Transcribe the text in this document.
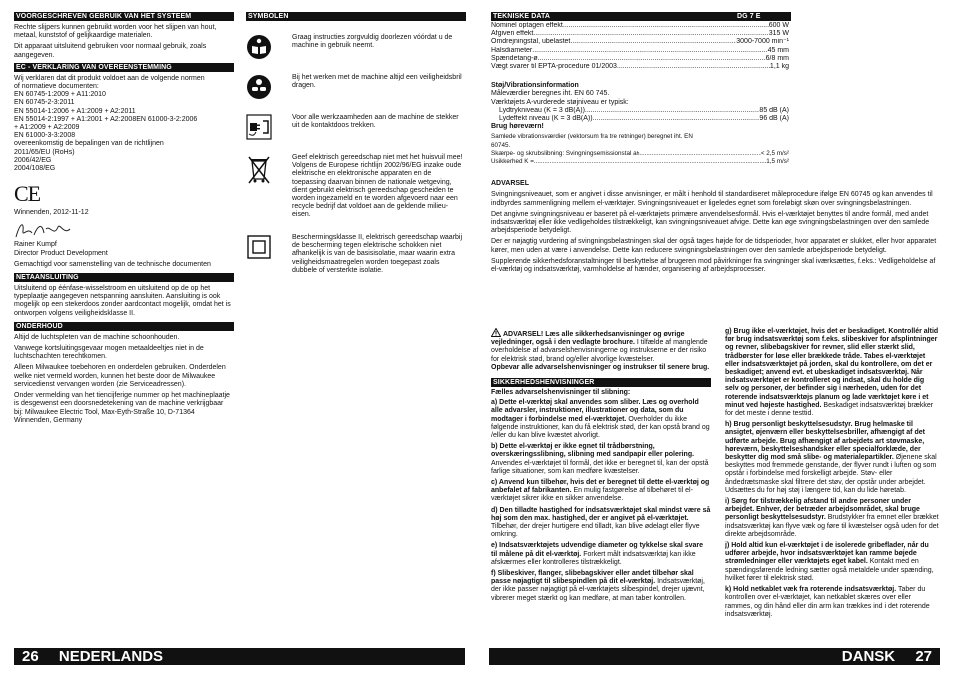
VOORGESCHREVEN GEBRUIK VAN HET SYSTEEM

Rechte slijpers kunnen gebruikt worden voor het slijpen van hout, metaal, kunststof of gelijkaardige materialen.

Dit apparaat uitsluitend gebruiken voor normaal gebruik, zoals aangegeven.

EC - VERKLARING VAN OVEREENSTEMMING
Wij verklaren dat dit produkt voldoet aan de volgende normen
of normatieve documenten:
EN 60745-1:2009 + A11:2010
EN 60745-2-3:2011
EN 55014-1:2006 + A1:2009 + A2:2011
EN 55014-2:1997 + A1:2001 + A2:2008EN 61000-3-2:2006
+ A1:2009 + A2:2009
EN 61000-3-3:2008
overeenkomstig de bepalingen van de richtlijnen
2011/65/EU (RoHs)
2006/42/EG
2004/108/EG
CE
Winnenden, 2012-11-12
Rainer Kumpf
Director Product Development

Gemachtigd voor samenstelling van de technische documenten

NETAANSLUITING

Uitsluitend op éénfase-wisselstroom en uitsluitend op de op het typeplaatje aangegeven netspanning aansluiten. Aansluiting is ook mogelijk op een stekerdoos zonder aardcontact mogelijk, omdat het is ontworpen volgens veiligheidsklasse II.

ONDERHOUD

Altijd de luchtspleten van de machine schoonhouden.

Vanwege kortsluitingsgevaar mogen metaaldeeltjes niet in de luchtschachten terechtkomen.

Alleen Milwaukee toebehoren en onderdelen gebruiken. Onderdelen welke niet vermeld worden, kunnen het beste door de Milwaukee servicedienst vervangen worden (zie Serviceadressen).

Onder vermelding van het tiencijferige nummer op het machineplaatje is desgewenst een doorsnedetekening van de machine verkrijgbaar bij: Milwaukee Electric Tool, Max-Eyth-Straße 10, D-71364 Winnenden, Germany

SYMBOLEN
Graag instructies zorgvuldig doorlezen vóórdat u de machine in gebruik neemt.
Bij het werken met de machine altijd een veiligheidsbril dragen.
Voor alle werkzaamheden aan de machine de stekker uit de kontaktdoos trekken.
Geef elektrisch gereedschap niet met het huisvuil mee! Volgens de Europese richtlijn 2002/96/EG inzake oude elektrische en elektronische apparaten en de toepassing daarvan binnen de nationale wetgeving, dient gebruikt elektrisch gereedschap gescheiden te worden ingezameld en te worden afgevoerd naar een recycle bedrijf dat voldoet aan de geldende milieu-eisen.
Beschermingsklasse II, elektrisch gereedschap waarbij de bescherming tegen elektrische schokken niet afhankelijk is van de basisisolatie, maar waarin extra veiligheidsmaatregelen worden toegepast zoals dubbele of versterkte isolatie.
26 NEDERLANDS
TEKNISKE DATA	DG 7 E
Nominel optagen effekt .....	600 W
Afgiven effekt .....	315 W
Omdrejningstal, ubelastet .....	3000-7000 min⁻¹
Halsdiameter .....	45 mm
Spændetang-ø .....	6/8 mm
Vægt svarer til EPTA-procedure 01/2003 .....	1,1 kg
Støj/Vibrationsinformation
Måleværdier beregnes iht. EN 60 745.
Værktøjets A-vurderede støjniveau er typisk:
Lydtrykniveau (K = 3 dB(A)) .....	85 dB (A)
Lydeffekt niveau (K = 3 dB(A)) .....	96 dB (A)
Brug høreværn!
Samlede vibrationsværdier (vektorsum fra tre retninger) beregnet iht. EN 60745.
Skærpe- og skrubslibning: Svingningsemissionstal a h .....	< 2,5 m/s²
Usikkerhed K = .....	1,5 m/s²
ADVARSEL

Svingningsniveauet, som er angivet i disse anvisninger, er målt i henhold til standardiseret måleprocedure ifølge EN 60745 og kan anvendes til indbyrdes sammenligning mellem el-værktøjer. Svingningsniveauet er ligeledes egnet som foreløbigt skøn over svingningsbelastningen.

Det angivne svingningsniveau er baseret på el-værktøjets primære anvendelsesformål. Hvis el-værktøjet benyttes til andre formål, med andet indsatsværktøj eller ikke vedligeholdes tilstrækkeligt, kan svingningsniveauet afvige. Dette kan øge svingningsbelastningen over den samlede arbejdsperiode betydeligt.

Der er nøjagtig vurdering af svingningsbelastningen skal der også tages højde for de tidsperioder, hvor apparatet er slukket, eller hvor apparatet kører, men uden at være i anvendelse. Dette kan reducere svingningsbelastningen over den samlede arbejdsperiode betydeligt.

Supplerende sikkerhedsforanstaltninger til beskyttelse af brugeren mod påvirkninger fra svingninger skal iværksættes, f.eks.: Vedligeholdelse af el-værktøj og indsatsværktøj, varmholdelse af hænder, organisering af arbejdsprocesser.

ADVARSEL! Læs alle sikkerhedsanvisninger og øvrige vejledninger, også i den vedlagte brochure. I tilfælde af manglende overholdelse af advarselshenvisningerne og instrukserne er der risiko for elektrisk stød, brand og/eller alvorlige kvæstelser.
Opbevar alle advarselshenvisninger og instrukser til senere brug.

SIKKERHEDSHENVISNINGER
Fælles advarselshenvisninger til slibning:

a) Dette el-værktøj skal anvendes som sliber. Læs og overhold alle advarsler, instruktioner, illustrationer og data, som du modtager i forbindelse med el-værktøjet. Overholder du ikke følgende instruktioner, kan du få elektrisk stød, der kan opstå brand og /eller du kan blive kvæstet alvorligt.

b) Dette el-værktøj er ikke egnet til trådbørstning, overskæringsslibning, slibning med sandpapir eller polering. Anvendes el-værktøjet til formål, det ikke er beregnet til, kan der opstå farlige situationer, som kan medføre kvæstelser.

c) Anvend kun tilbehør, hvis det er beregnet til dette el-værktøj og anbefalet af fabrikanten. En mulig fastgørelse af tilbehøret til el-værktøjet sikrer ikke en sikker anvendelse.

d) Den tilladte hastighed for indsatsværktøjet skal mindst være så høj som den max. hastighed, der er angivet på el-værktøjet. Tilbehør, der drejer hurtigere end tilladt, kan blive ødelagt eller flyve omkring.

e) Indsatsværktøjets udvendige diameter og tykkelse skal svare til målene på dit el-værktøj. Forkert målt indsatsværktøj kan ikke afskærmes eller kontrolleres tilstrækkeligt.

f) Slibeskiver, flanger, slibebagskiver eller andet tilbehør skal passe nøjagtigt til slibespindlen på dit el-værktøj. Indsatsværktøj, der ikke passer nøjagtigt på el-værktøjets slibespindel, drejer ujævnt, vibrerer meget stærkt og kan medføre, at man taber kontrollen.

g) Brug ikke el-værktøjet, hvis det er beskadiget. Kontrollér altid før brug indsatsværktøj som f.eks. slibeskiver for afsplintninger og revner, slibebagskiver for revner, slid eller stærkt slid, trådbørster for løse eller brækkede tråde. Tabes el-værktøjet eller indsatsværktøjet på jorden, skal du kontrollere, om det er beskadiget; anvend evt. et ubeskadiget indsatsværktøj. Når indsatsværktøjet er kontrolleret og indsat, skal du holde dig selv og personer, der befinder sig i nærheden, uden for det roterende indsatsværktøjs planum og lade værktøjet køre i et minut ved højeste hastighed. Beskadiget indsatsværktøj brækker for det meste i denne testtid.

h) Brug personligt beskyttelsesudstyr. Brug helmaske til ansigtet, øjenværn eller beskyttelsesbriller, afhængigt af det udførte arbejde. Brug afhængigt af arbejdets art støvmaske, høreværn, beskyttelseshandsker eller specialforklæde, der beskytter dig mod små slibe- og materialepartikler. Øjenene skal beskyttes mod fremmede genstande, der flyver rundt i luften og som opstår i forbindelse med forskelligt arbejde. Støv- eller åndedrætsmaske skal filtrere det støv, der opstår under arbejdet. Udsættes du for høj støj i længere tid, kan du lide høretab.

i) Sørg for tilstrækkelig afstand til andre personer under arbejdet. Enhver, der betræder arbejdsområdet, skal bruge personligt beskyttelsesudstyr. Brudstykker fra emnet eller brækket indsatsværktøj kan flyve væk og føre til kvæstelser også uden for det direkte arbejdsområde.

j) Hold altid kun el-værktøjet i de isolerede gribeflader, når du udfører arbejde, hvor indsatsværktøjet kan ramme bøjede strømledninger eller værktøjets eget kabel. Kontakt med en spændingsførende ledning sætter også metaldele under spænding, hvilket fører til elektrisk stød.

k) Hold netkablet væk fra roterende indsatsværktøj. Taber du kontrollen over el-værktøjet, kan netkablet skæres over eller rammes, og din hånd eller din arm kan trækkes ind i det roterende indsatsværktøj.

DANSK 27
